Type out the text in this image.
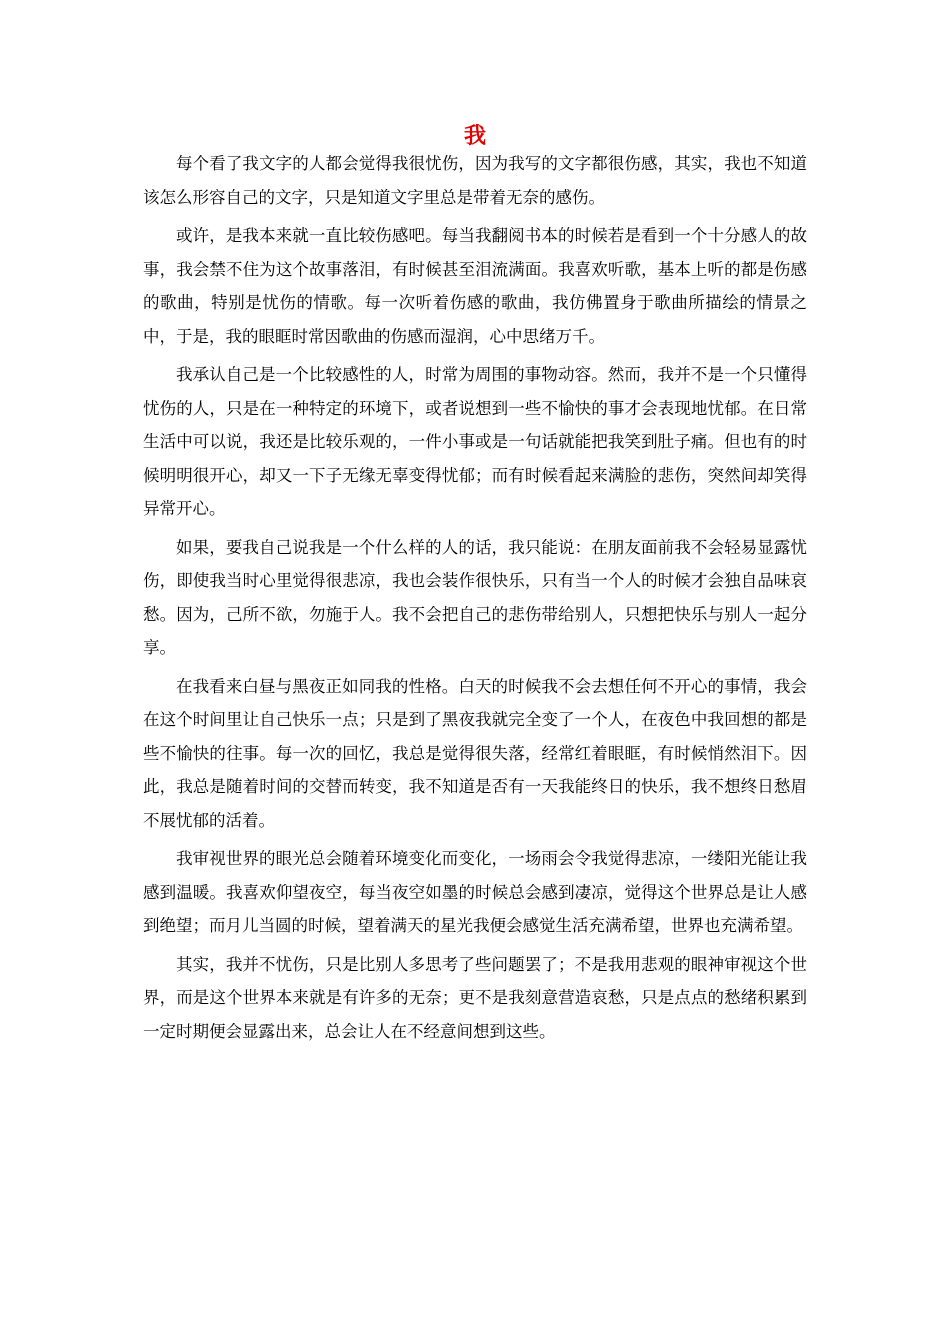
我

每个看了我文字的人都会觉得我很忧伤，因为我写的文字都很伤感，其实，我也不知道该怎么形容自己的文字，只是知道文字里总是带着无奈的感伤。

或许，是我本来就一直比较伤感吧。每当我翻阅书本的时候若是看到一个十分感人的故事，我会禁不住为这个故事落泪，有时候甚至泪流满面。我喜欢听歌，基本上听的都是伤感的歌曲，特别是忧伤的情歌。每一次听着伤感的歌曲，我仿佛置身于歌曲所描绘的情景之中，于是，我的眼眶时常因歌曲的伤感而湿润，心中思绪万千。

我承认自己是一个比较感性的人，时常为周围的事物动容。然而，我并不是一个只懂得忧伤的人，只是在一种特定的环境下，或者说想到一些不愉快的事才会表现地忧郁。在日常生活中可以说，我还是比较乐观的，一件小事或是一句话就能把我笑到肚子痛。但也有的时候明明很开心，却又一下子无缘无辜变得忧郁；而有时候看起来满脸的悲伤，突然间却笑得异常开心。

如果，要我自己说我是一个什么样的人的话，我只能说：在朋友面前我不会轻易显露忧伤，即使我当时心里觉得很悲凉，我也会装作很快乐，只有当一个人的时候才会独自品味哀愁。因为，己所不欲，勿施于人。我不会把自己的悲伤带给别人，只想把快乐与别人一起分享。

在我看来白昼与黑夜正如同我的性格。白天的时候我不会去想任何不开心的事情，我会在这个时间里让自己快乐一点；只是到了黑夜我就完全变了一个人，在夜色中我回想的都是些不愉快的往事。每一次的回忆，我总是觉得很失落，经常红着眼眶，有时候悄然泪下。因此，我总是随着时间的交替而转变，我不知道是否有一天我能终日的快乐，我不想终日愁眉不展忧郁的活着。

我审视世界的眼光总会随着环境变化而变化，一场雨会令我觉得悲凉，一缕阳光能让我感到温暖。我喜欢仰望夜空，每当夜空如墨的时候总会感到凄凉，觉得这个世界总是让人感到绝望；而月儿当圆的时候，望着满天的星光我便会感觉生活充满希望，世界也充满希望。

其实，我并不忧伤，只是比别人多思考了些问题罢了；不是我用悲观的眼神审视这个世界，而是这个世界本来就是有许多的无奈；更不是我刻意营造哀愁，只是点点的愁绪积累到一定时期便会显露出来，总会让人在不经意间想到这些。
